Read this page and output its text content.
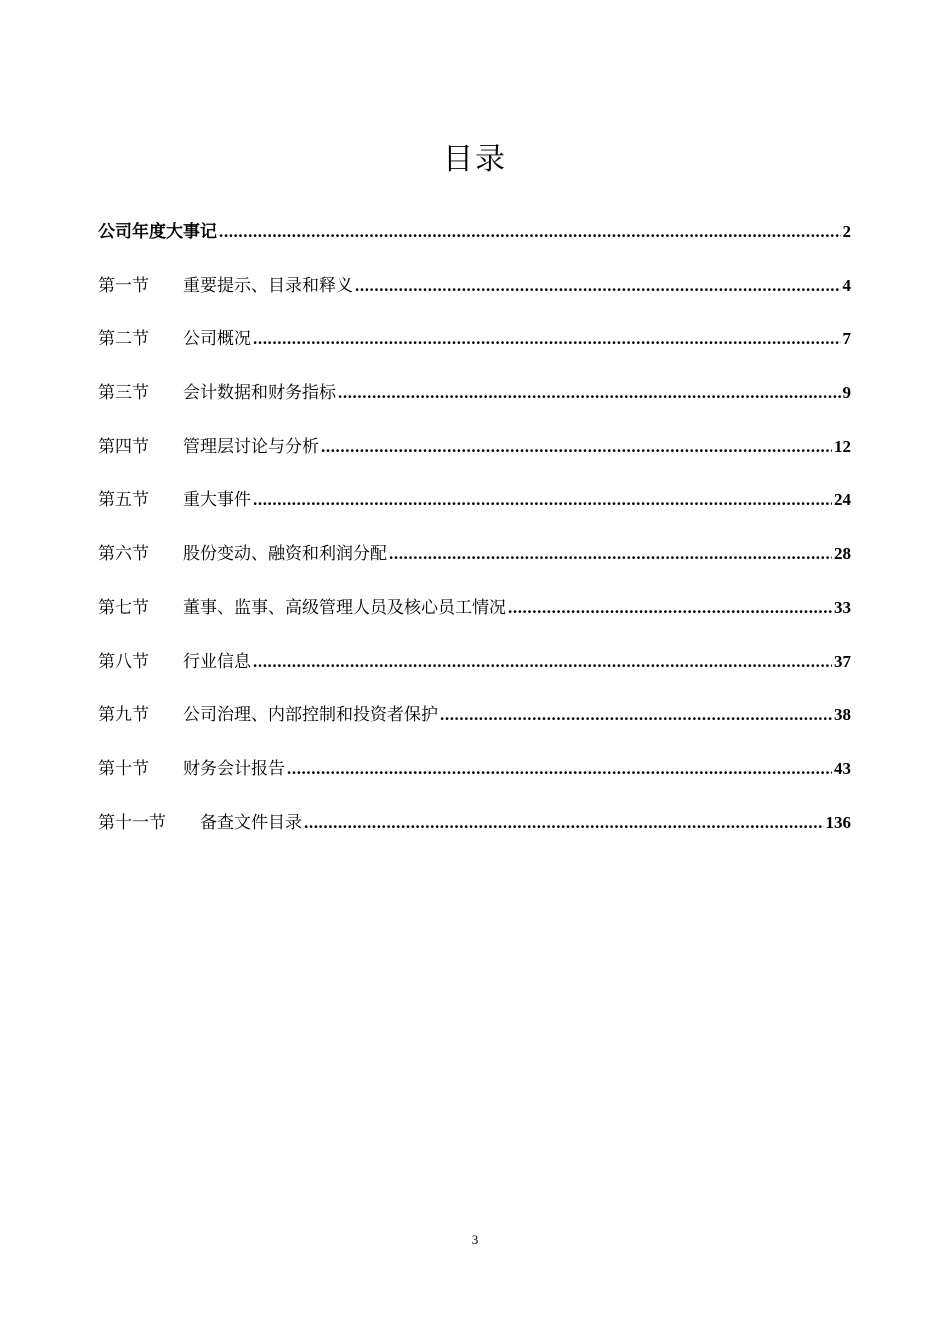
目录
公司年度大事记 .....	2
第一节	重要提示、目录和释义 .....	4
第二节	公司概况 .....	7
第三节	会计数据和财务指标 .....	9
第四节	管理层讨论与分析 .....	12
第五节	重大事件 .....	24
第六节	股份变动、融资和利润分配 .....	28
第七节	董事、监事、高级管理人员及核心员工情况 .....	33
第八节	行业信息 .....	37
第九节	公司治理、内部控制和投资者保护 .....	38
第十节	财务会计报告 .....	43
第十一节	备查文件目录 .....	136
3
